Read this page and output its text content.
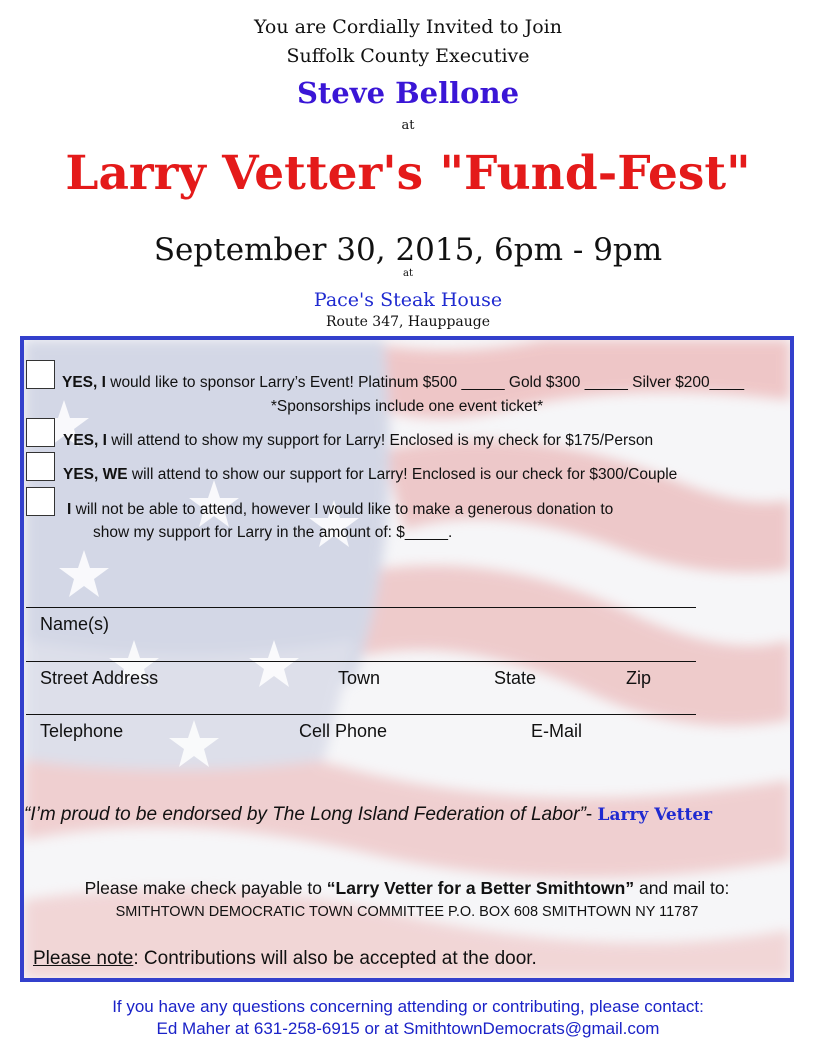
You are Cordially Invited to Join
Suffolk County Executive
Steve Bellone
at
Larry Vetter's "Fund-Fest"
September 30, 2015, 6pm - 9pm
at
Pace's Steak House
Route 347, Hauppauge
YES, I would like to sponsor Larry’s Event! Platinum $500 _____ Gold $300 _____ Silver $200____
*Sponsorships include one event ticket*
YES, I will attend to show my support for Larry! Enclosed is my check for $175/Person
YES, WE will attend to show our support for Larry! Enclosed is our check for $300/Couple
I will not be able to attend, however I would like to make a generous donation to
show my support for Larry in the amount of: $_____.
Name(s)
Street Address	Town	State	Zip
Telephone	Cell Phone	E-Mail
“I’m proud to be endorsed by The Long Island Federation of Labor”- Larry Vetter
Please make check payable to “Larry Vetter for a Better Smithtown” and mail to:
SMITHTOWN DEMOCRATIC TOWN COMMITTEE P.O. BOX 608 SMITHTOWN NY 11787
Please note: Contributions will also be accepted at the door.
If you have any questions concerning attending or contributing, please contact:
Ed Maher at 631-258-6915 or at SmithtownDemocrats@gmail.com
